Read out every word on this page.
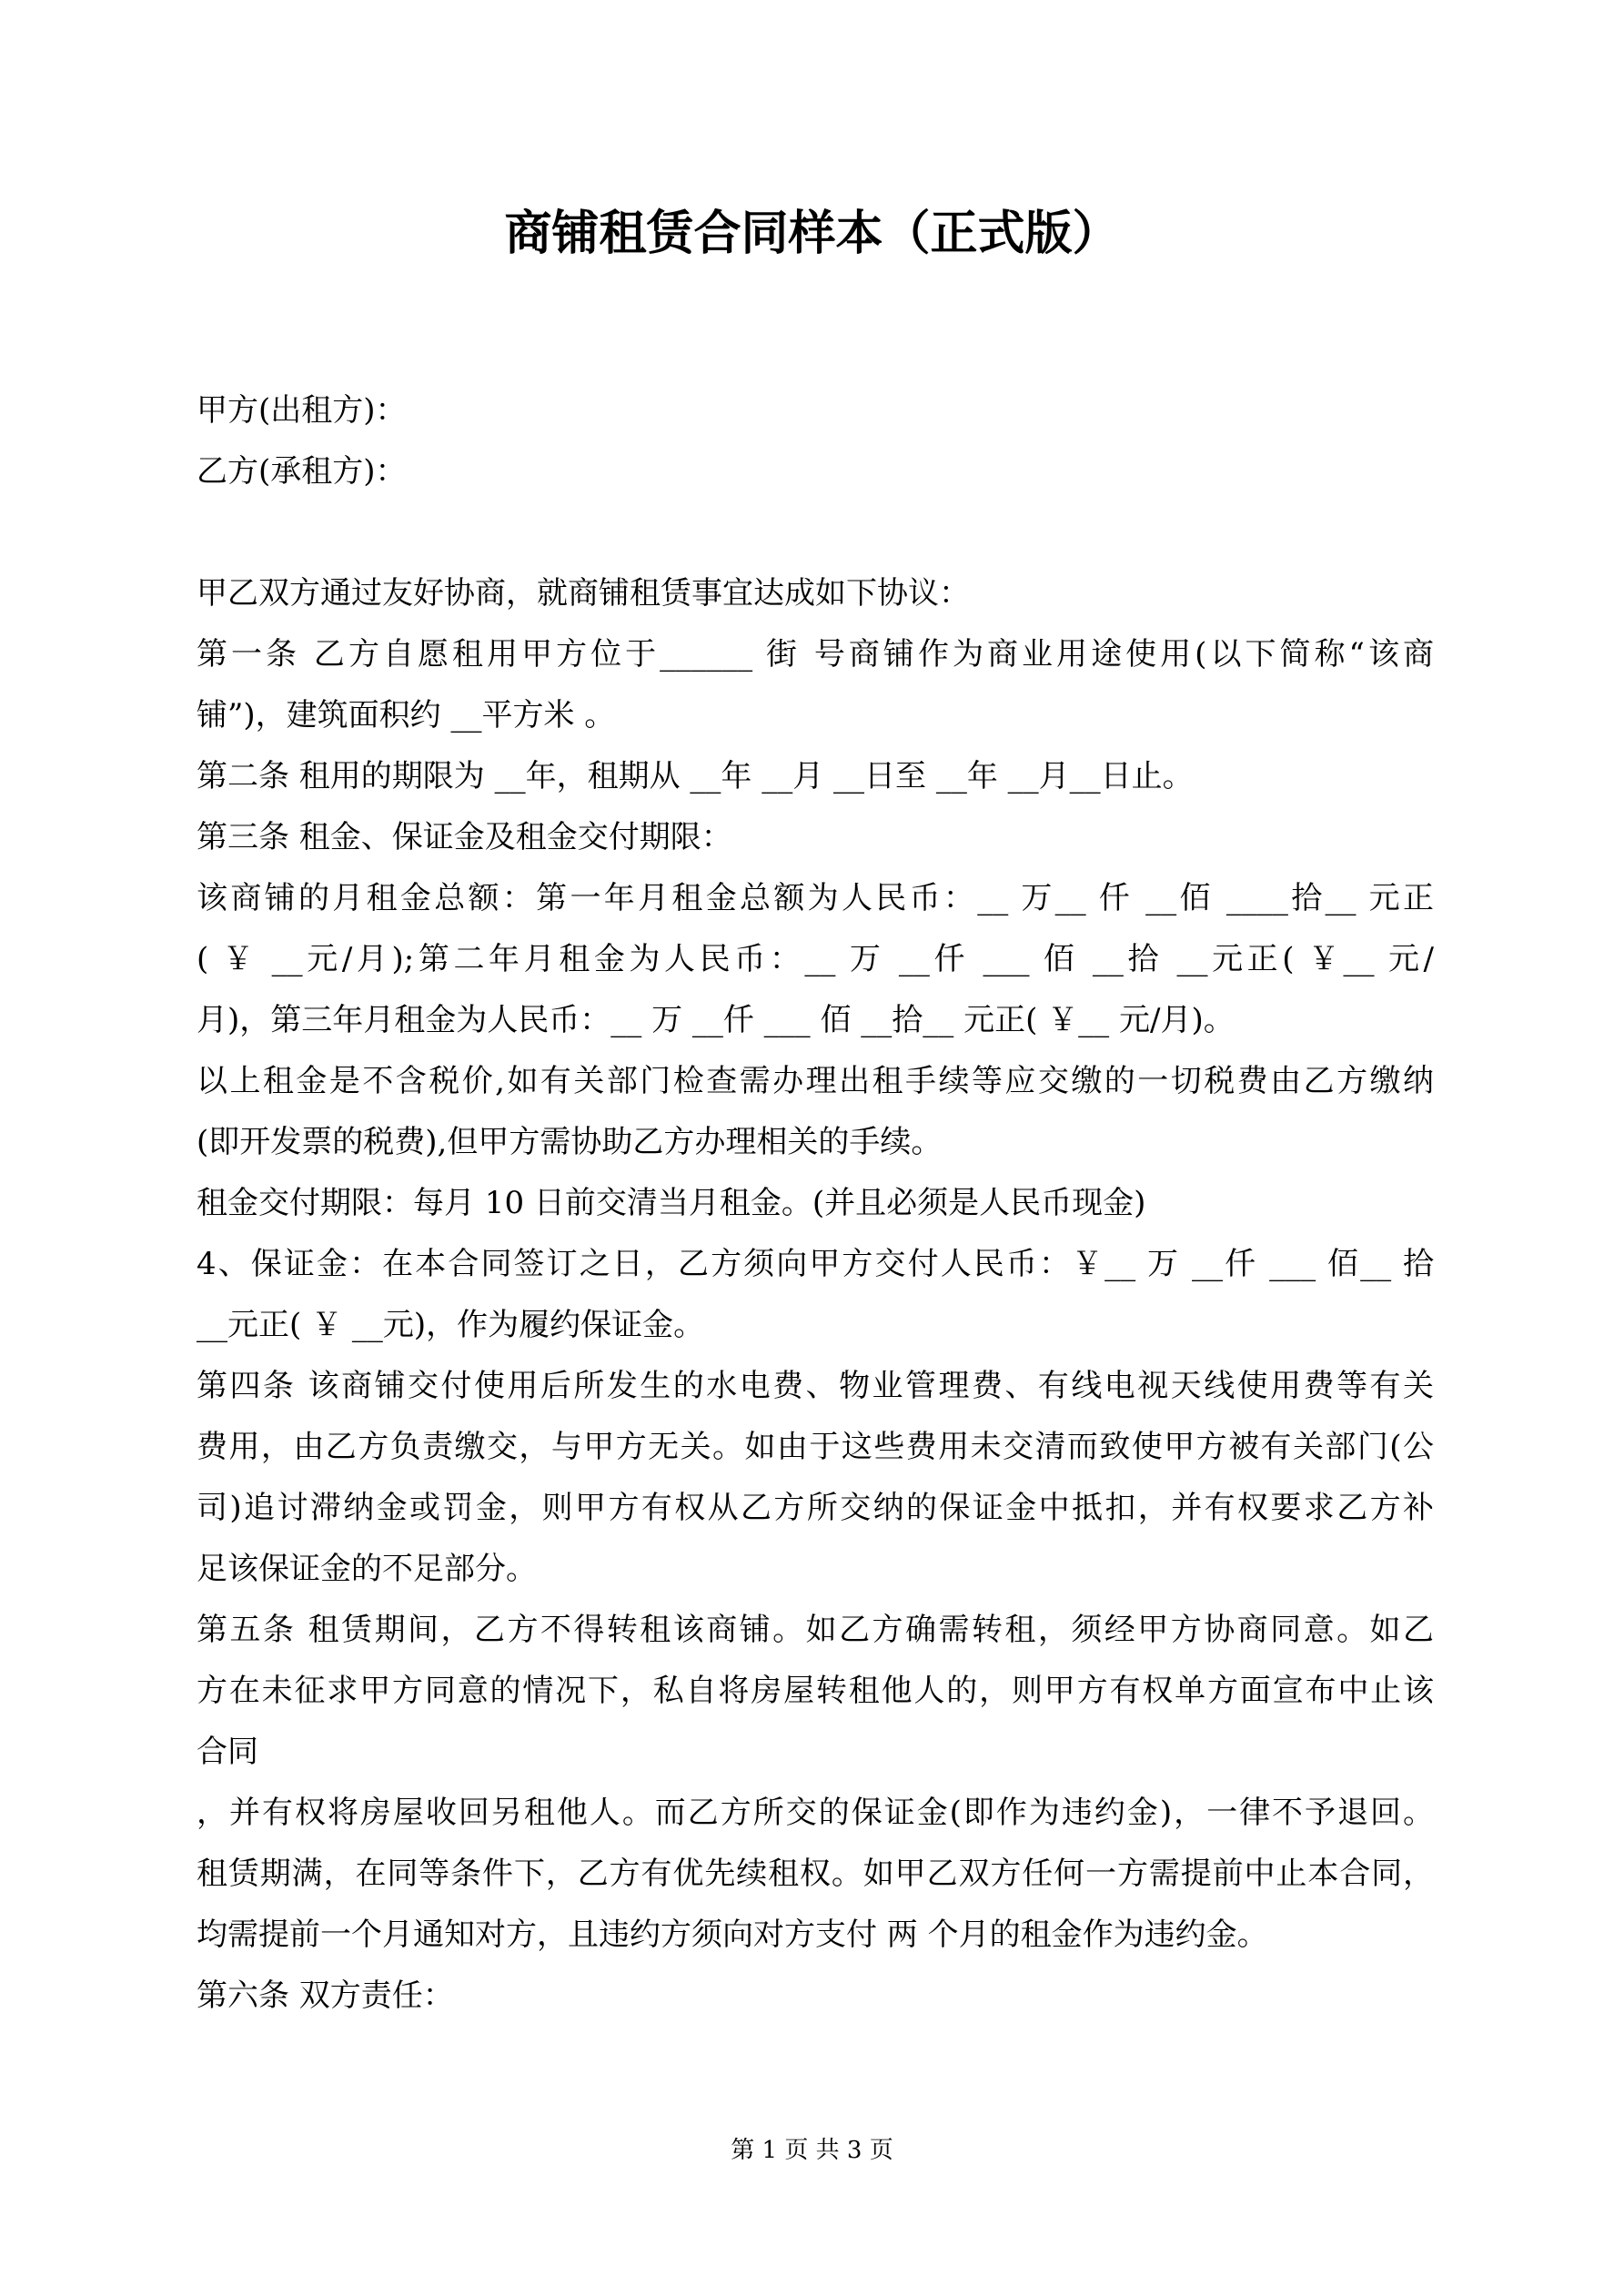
商铺租赁合同样本（正式版）
甲方(出租方)：
乙方(承租方)：
甲乙双方通过友好协商，就商铺租赁事宜达成如下协议：
第一条 乙方自愿租用甲方位于______ 街 号商铺作为商业用途使用(以下简称“该商
铺”)，建筑面积约 __平方米 。
第二条 租用的期限为 __年，租期从 __年 __月 __日至 __年 __月__日止。
第三条 租金、保证金及租金交付期限：
该商铺的月租金总额：第一年月租金总额为人民币：__ 万__ 仟 __佰 ____拾__ 元正
( ￥ __元/月);第二年月租金为人民币：__ 万 __仟 ___ 佰 __拾 __元正( ￥__ 元/
月)，第三年月租金为人民币：__ 万 __仟 ___ 佰 __拾__ 元正( ￥__ 元/月)。
以上租金是不含税价,如有关部门检查需办理出租手续等应交缴的一切税费由乙方缴纳
(即开发票的税费),但甲方需协助乙方办理相关的手续。
租金交付期限：每月 10 日前交清当月租金。(并且必须是人民币现金)
4、保证金：在本合同签订之日，乙方须向甲方交付人民币：￥__ 万 __仟 ___ 佰__ 拾
__元正( ￥ __元)，作为履约保证金。
第四条 该商铺交付使用后所发生的水电费、物业管理费、有线电视天线使用费等有关
费用，由乙方负责缴交，与甲方无关。如由于这些费用未交清而致使甲方被有关部门(公
司)追讨滞纳金或罚金，则甲方有权从乙方所交纳的保证金中抵扣，并有权要求乙方补
足该保证金的不足部分。
第五条 租赁期间，乙方不得转租该商铺。如乙方确需转租，须经甲方协商同意。如乙
方在未征求甲方同意的情况下，私自将房屋转租他人的，则甲方有权单方面宣布中止该
合同
，并有权将房屋收回另租他人。而乙方所交的保证金(即作为违约金)，一律不予退回。
租赁期满，在同等条件下，乙方有优先续租权。如甲乙双方任何一方需提前中止本合同，
均需提前一个月通知对方，且违约方须向对方支付 两 个月的租金作为违约金。
第六条 双方责任：
第 1 页 共 3 页
